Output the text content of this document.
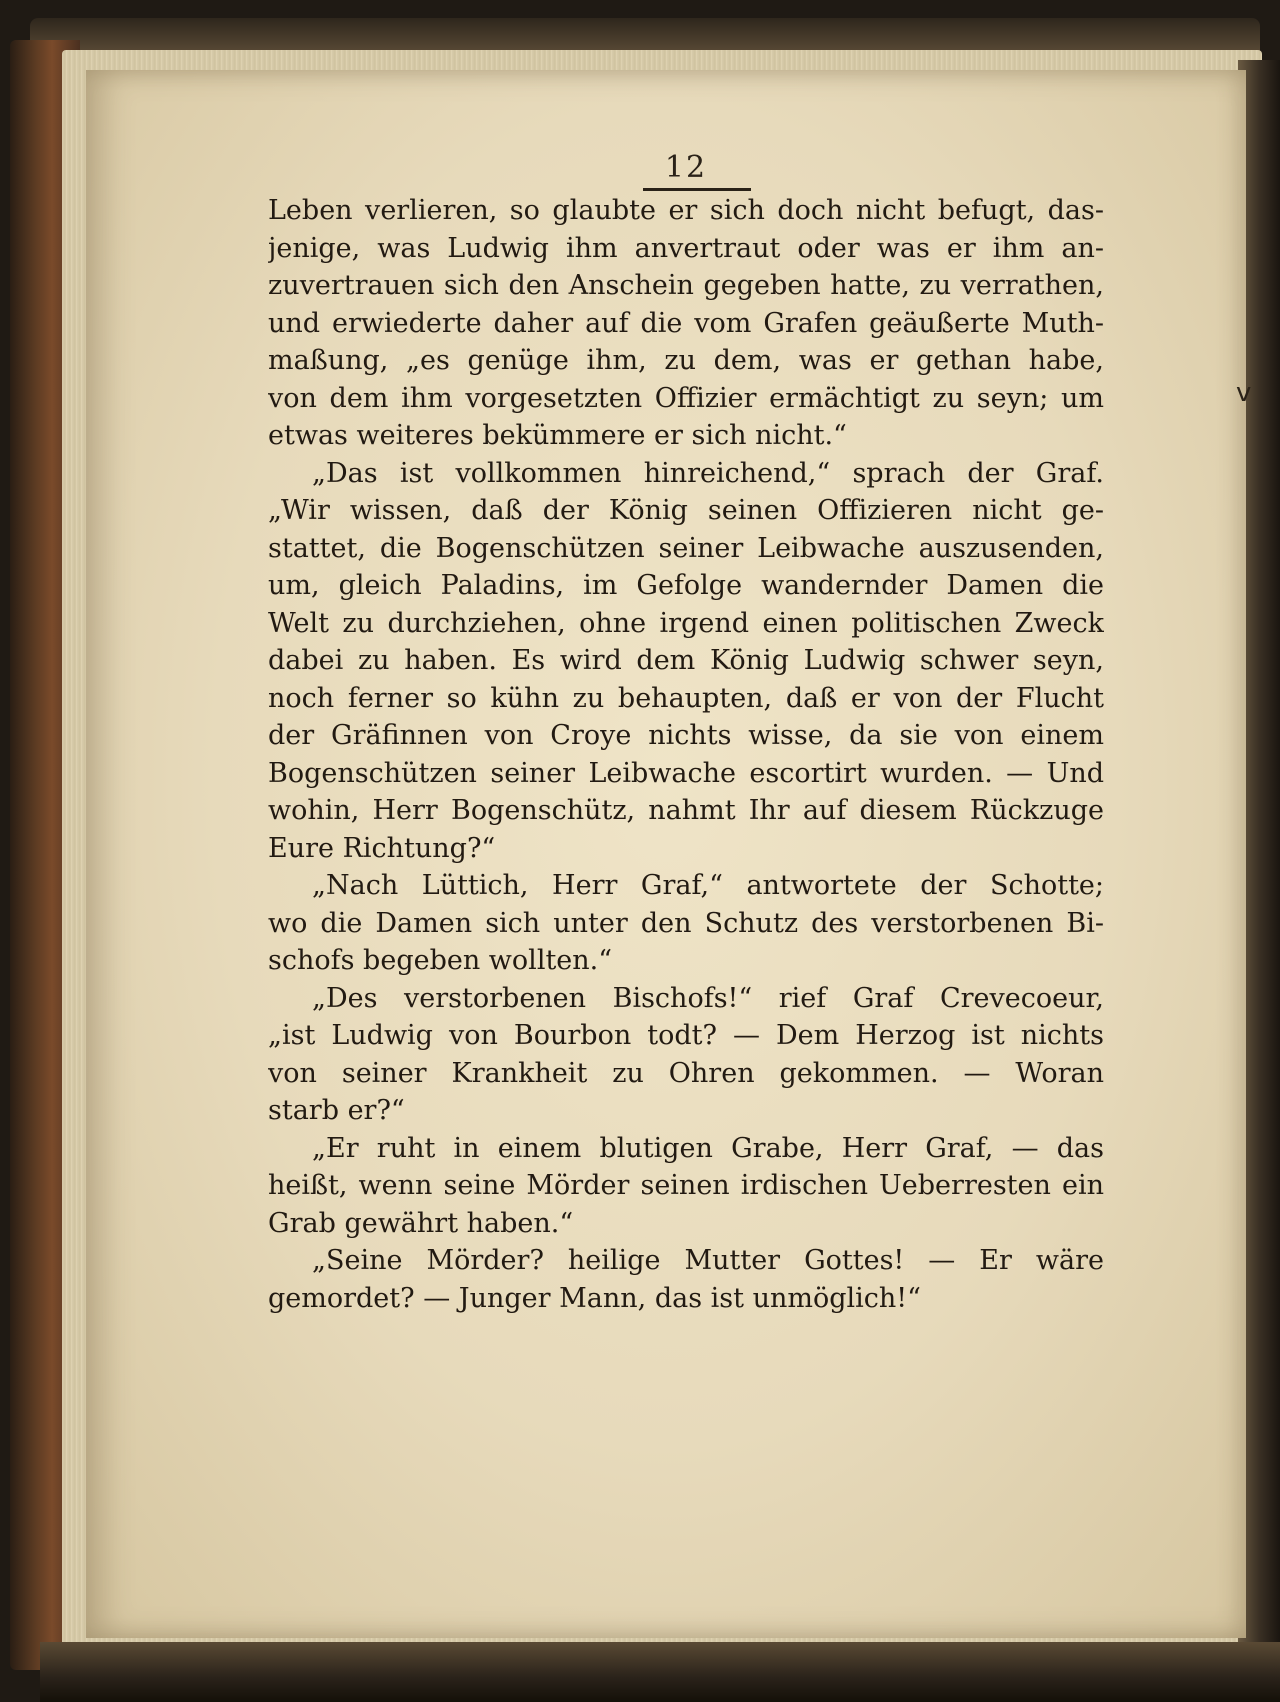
12
Leben verlieren, so glaubte er sich doch nicht befugt, das-
jenige, was Ludwig ihm anvertraut oder was er ihm an-
zuvertrauen sich den Anschein gegeben hatte, zu verrathen,
und erwiederte daher auf die vom Grafen geäußerte Muth-
maßung, „es genüge ihm, zu dem, was er gethan habe,
von dem ihm vorgesetzten Offizier ermächtigt zu seyn; um
etwas weiteres bekümmere er sich nicht.“
„Das ist vollkommen hinreichend,“ sprach der Graf.
„Wir wissen, daß der König seinen Offizieren nicht ge-
stattet, die Bogenschützen seiner Leibwache auszusenden,
um, gleich Paladins, im Gefolge wandernder Damen die
Welt zu durchziehen, ohne irgend einen politischen Zweck
dabei zu haben. Es wird dem König Ludwig schwer seyn,
noch ferner so kühn zu behaupten, daß er von der Flucht
der Gräfinnen von Croye nichts wisse, da sie von einem
Bogenschützen seiner Leibwache escortirt wurden. — Und
wohin, Herr Bogenschütz, nahmt Ihr auf diesem Rückzuge
Eure Richtung?“
„Nach Lüttich, Herr Graf,“ antwortete der Schotte;
wo die Damen sich unter den Schutz des verstorbenen Bi-
schofs begeben wollten.“
„Des verstorbenen Bischofs!“ rief Graf Crevecoeur,
„ist Ludwig von Bourbon todt? — Dem Herzog ist nichts
von seiner Krankheit zu Ohren gekommen. — Woran
starb er?“
„Er ruht in einem blutigen Grabe, Herr Graf, — das
heißt, wenn seine Mörder seinen irdischen Ueberresten ein
Grab gewährt haben.“
„Seine Mörder? heilige Mutter Gottes! — Er wäre
gemordet? — Junger Mann, das ist unmöglich!“
v
